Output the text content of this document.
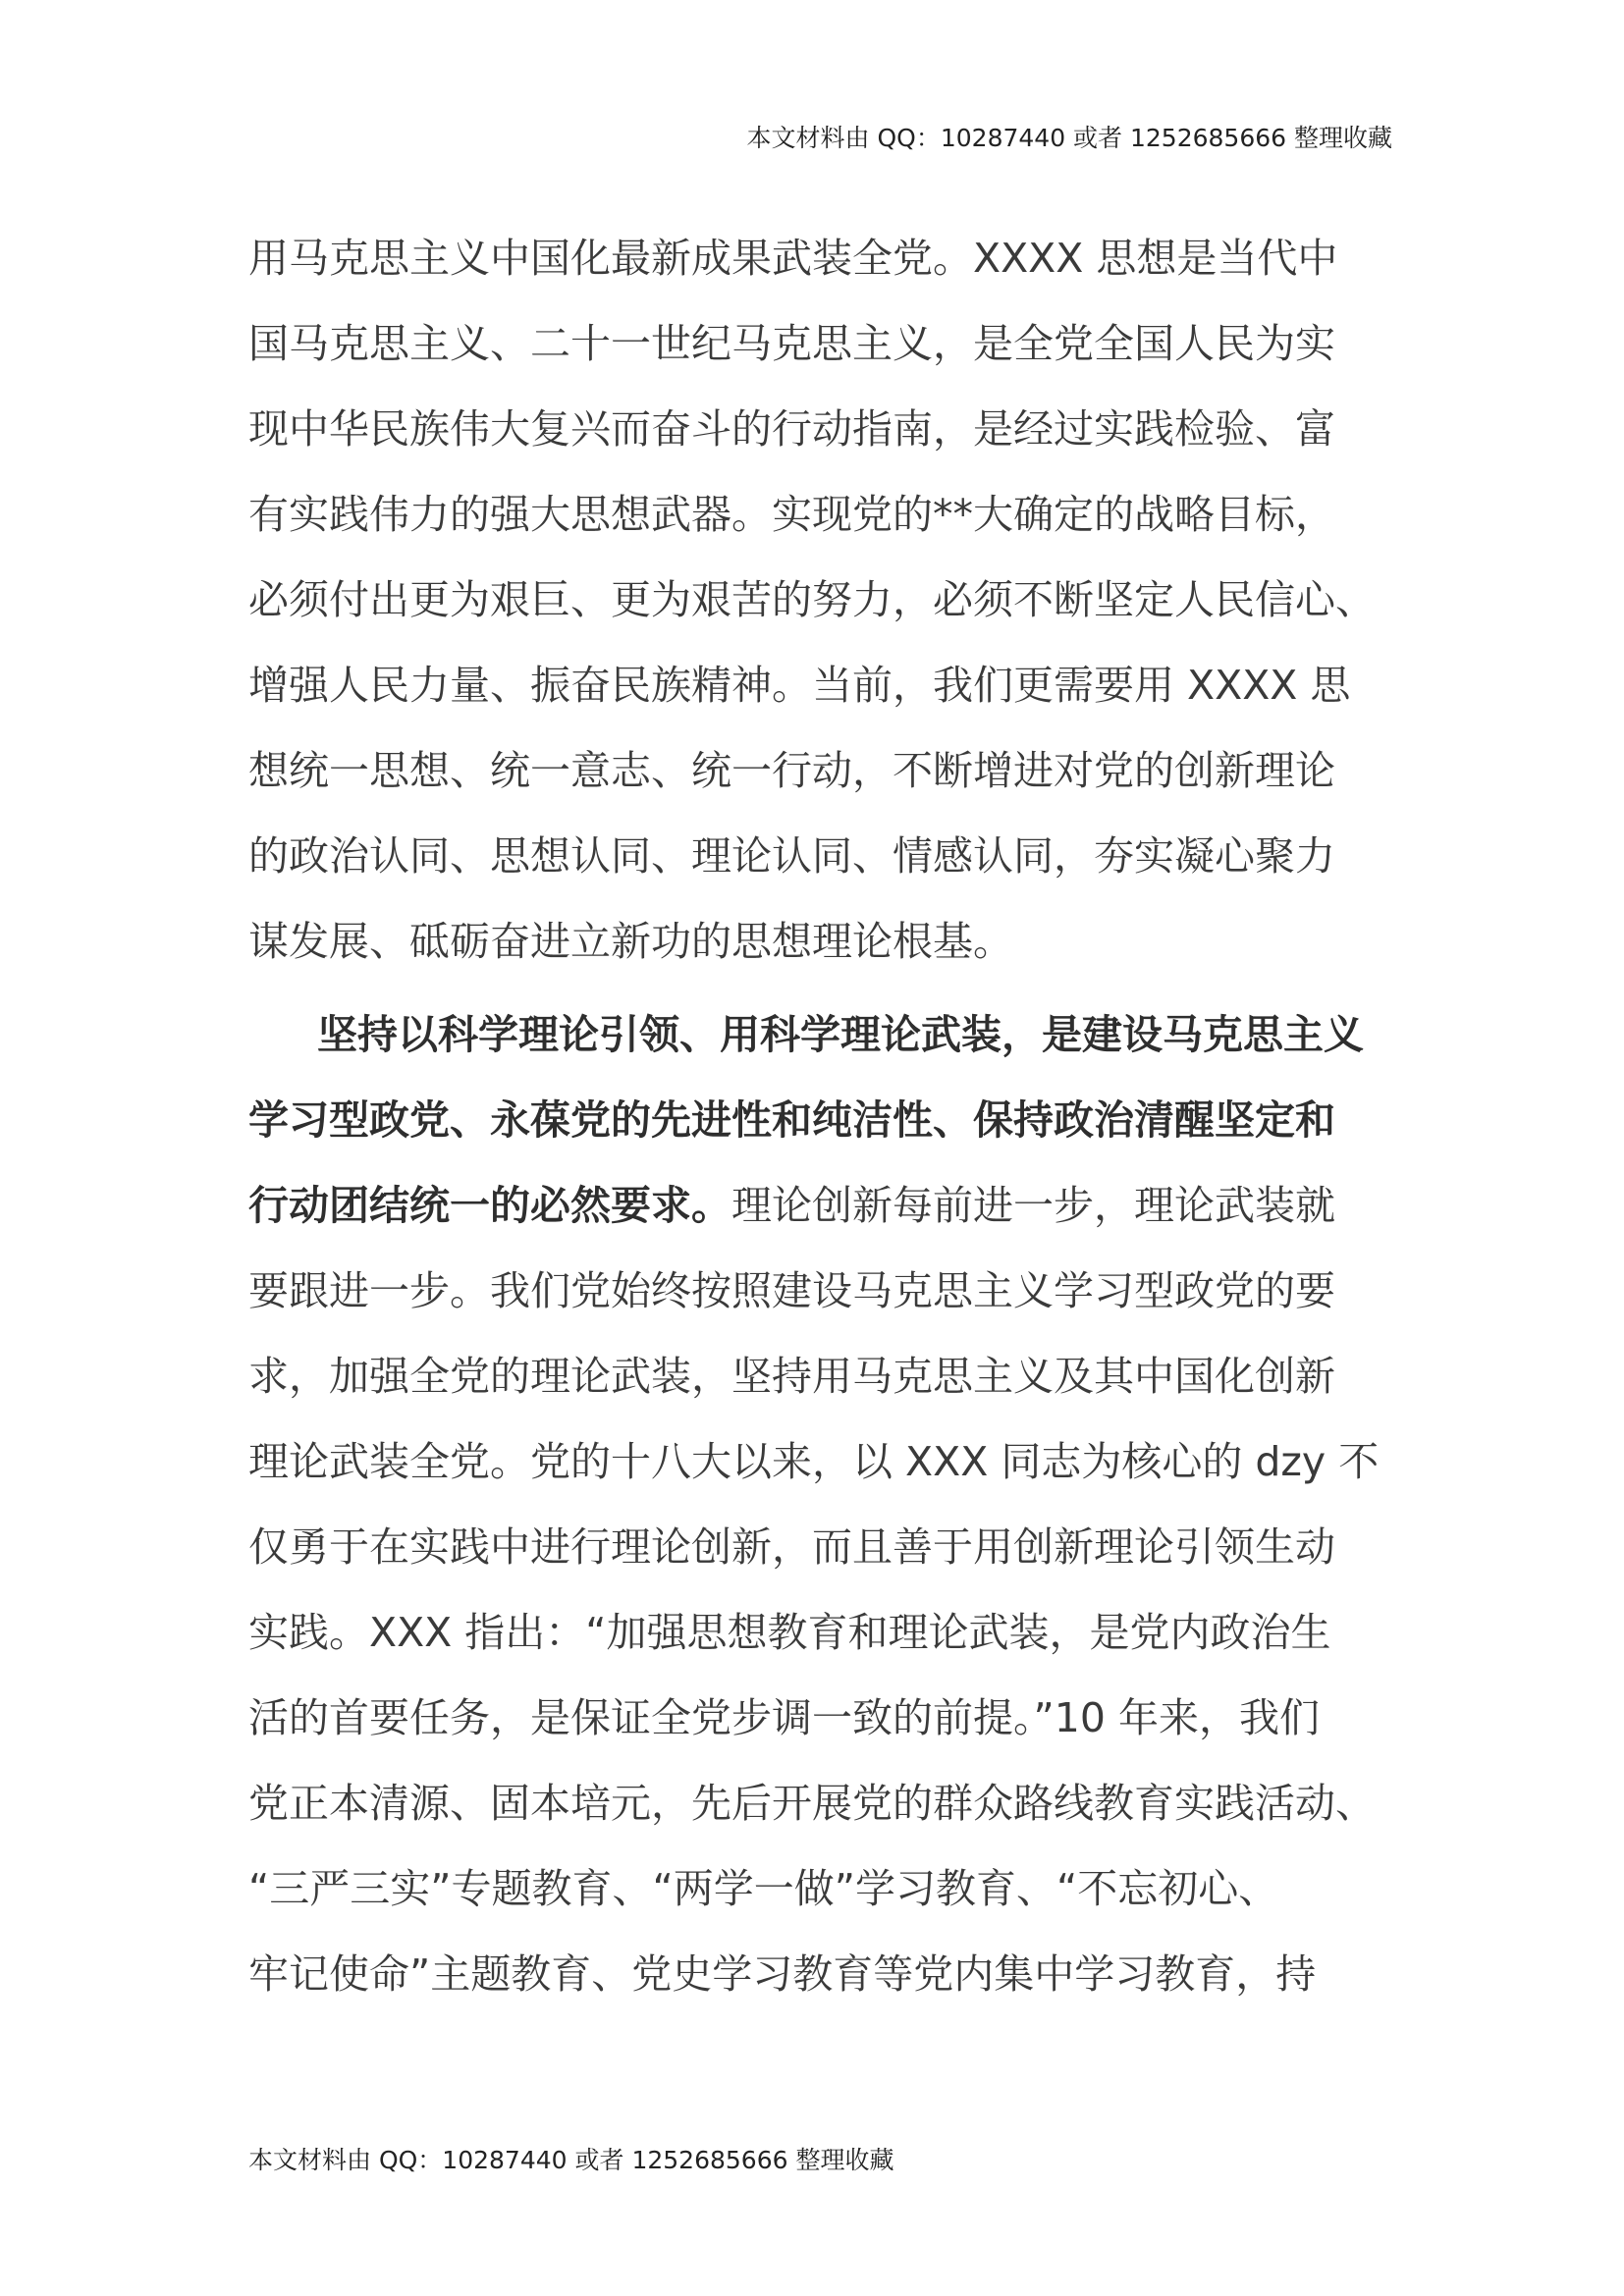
本文材料由 QQ：10287440 或者 1252685666 整理收藏
用马克思主义中国化最新成果武装全党。XXXX 思想是当代中
国马克思主义、二十一世纪马克思主义，是全党全国人民为实
现中华民族伟大复兴而奋斗的行动指南，是经过实践检验、富
有实践伟力的强大思想武器。实现党的**大确定的战略目标，
必须付出更为艰巨、更为艰苦的努力，必须不断坚定人民信心、
增强人民力量、振奋民族精神。当前，我们更需要用 XXXX 思
想统一思想、统一意志、统一行动，不断增进对党的创新理论
的政治认同、思想认同、理论认同、情感认同，夯实凝心聚力
谋发展、砥砺奋进立新功的思想理论根基。
坚持以科学理论引领、用科学理论武装，是建设马克思主义
学习型政党、永葆党的先进性和纯洁性、保持政治清醒坚定和
行动团结统一的必然要求。理论创新每前进一步，理论武装就
要跟进一步。我们党始终按照建设马克思主义学习型政党的要
求，加强全党的理论武装，坚持用马克思主义及其中国化创新
理论武装全党。党的十八大以来，以 XXX 同志为核心的 dzy 不
仅勇于在实践中进行理论创新，而且善于用创新理论引领生动
实践。XXX 指出：“加强思想教育和理论武装，是党内政治生
活的首要任务，是保证全党步调一致的前提。”10 年来，我们
党正本清源、固本培元，先后开展党的群众路线教育实践活动、
“三严三实”专题教育、“两学一做”学习教育、“不忘初心、
牢记使命”主题教育、党史学习教育等党内集中学习教育，持
本文材料由 QQ：10287440 或者 1252685666 整理收藏
